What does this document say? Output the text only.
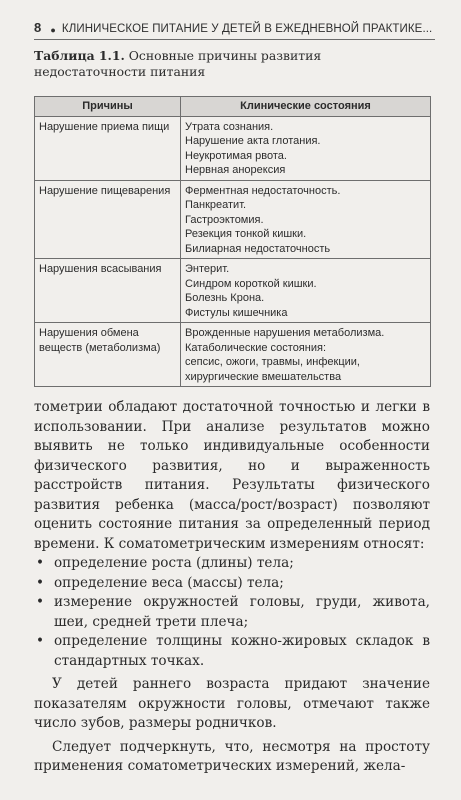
8 ● КЛИНИЧЕСКОЕ ПИТАНИЕ У ДЕТЕЙ В ЕЖЕДНЕВНОЙ ПРАКТИКЕ...
Таблица 1.1. Основные причины развития недостаточности питания
Причины	Клинические состояния
Нарушение приема пищи	Утрата сознания.
Нарушение акта глотания.
Неукротимая рвота.
Нервная анорексия

Нарушение пищеварения	Ферментная недостаточность.
Панкреатит.
Гастроэктомия.
Резекция тонкой кишки.
Билиарная недостаточность

Нарушения всасывания	Энтерит.
Синдром короткой кишки.
Болезнь Крона.
Фистулы кишечника

Нарушения обмена веществ (метаболизма)	Врожденные нарушения метаболизма.
Катаболические состояния:
сепсис, ожоги, травмы, инфекции,
хирургические вмешательства

тометрии обладают достаточной точностью и легки в использовании. При анализе результатов можно выявить не только индивидуальные особенности физического развития, но и выраженность расстройств питания. Результаты физического развития ребенка (масса/рост/возраст) позволяют оценить состояние питания за определенный период времени. К соматометрическим измерениям относят:

• определение роста (длины) тела;
• определение веса (массы) тела;
• измерение окружностей головы, груди, живота, шеи, средней трети плеча;
• определение толщины кожно-жировых складок в стандартных точках.

У детей раннего возраста придают значение показателям окружности головы, отмечают также число зубов, размеры родничков.

Следует подчеркнуть, что, несмотря на простоту применения соматометрических измерений, жела-
